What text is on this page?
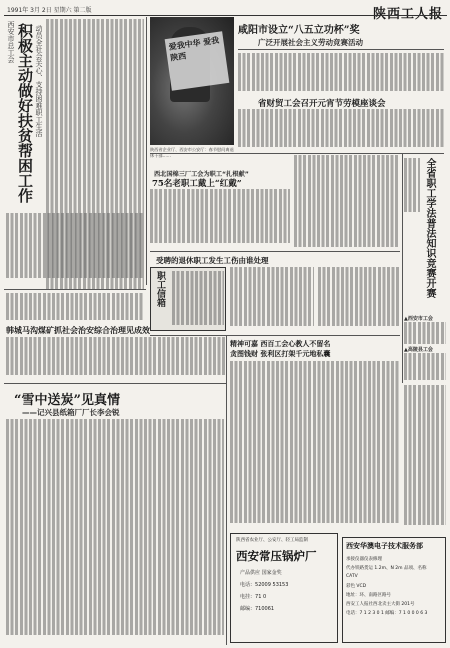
1991年 3月 2日 星期六 第二版	陕西工人报
西安市总工会 积极主动做好扶贫帮困工作 动员全社会关心、支持困难职工生活	爱我中华 爱我陕西
陕西省企业厅、西安市公安厅：春节慰问离退休干部……
咸阳市设立“八五立功杯”奖
广泛开展社会主义劳动竞赛活动
省财贸工会召开元宵节劳模座谈会
西北国棉三厂工会为职工“扎根献”
75名老职工戴上“红戴”	全省职工学法普法知识竞赛开赛
▲西安市工会
▲高陵县工会
受聘的退休职工发生工伤由谁处理
职工信箱
精神可嘉 西百工会心教人不留名
贪图钱财 张利区打架千元地私囊
韩城马沟煤矿抓社会治安综合治理见成效
“雪中送炭”见真情
——记兴县纸箱厂厂长李会锐
陕西省农业厅、公安厅、轻工局监制
西安常压锅炉厂
产品供应 国家金奖
电话：52009 53153
电挂：71 0
邮编：710061
西安华澳电子技术服务部
承接仪器仪表修理
代办铁路货运 1.2m、N 2m 品项、名称
CATV
彩色 VCD
地址：环、南路区路号
西安工人报社西北卖主大街 201号
电话：7 1 2 3 0 1 邮编：7 1 0 0 0 6 3
